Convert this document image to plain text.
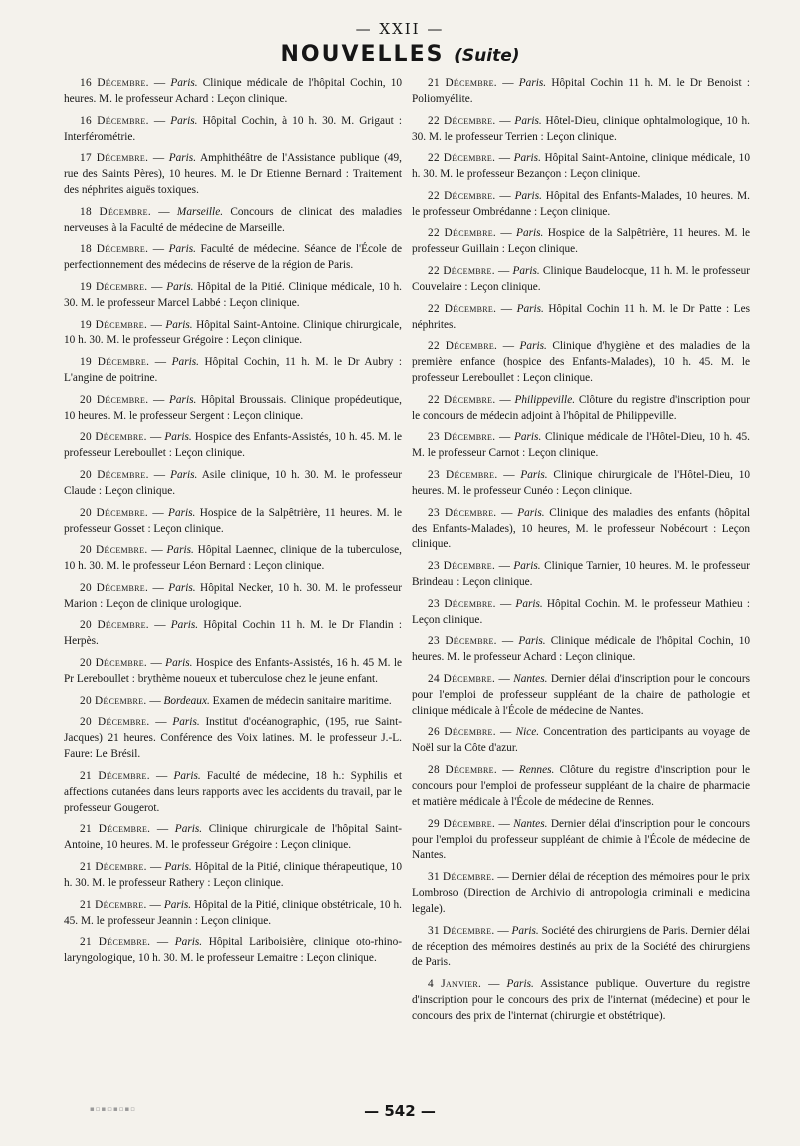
— XXII —
NOUVELLES (Suite)

16 Décembre. — Paris. Clinique médicale de l'hôpital Cochin, 10 heures. M. le professeur Achard : Leçon clinique.

16 Décembre. — Paris. Hôpital Cochin, à 10 h. 30. M. Grigaut : Interférométrie.

17 Décembre. — Paris. Amphithéâtre de l'Assistance publique (49, rue des Saints Pères), 10 heures. M. le Dr Etienne Bernard : Traitement des néphrites aiguës toxiques.

18 Décembre. — Marseille. Concours de clinicat des maladies nerveuses à la Faculté de médecine de Marseille.

18 Décembre. — Paris. Faculté de médecine. Séance de l'École de perfectionnement des médecins de réserve de la région de Paris.

19 Décembre. — Paris. Hôpital de la Pitié. Clinique médicale, 10 h. 30. M. le professeur Marcel Labbé : Leçon clinique.

19 Décembre. — Paris. Hôpital Saint-Antoine. Clinique chirurgicale, 10 h. 30. M. le professeur Grégoire : Leçon clinique.

19 Décembre. — Paris. Hôpital Cochin, 11 h. M. le Dr Aubry : L'angine de poitrine.

20 Décembre. — Paris. Hôpital Broussais. Clinique propédeutique, 10 heures. M. le professeur Sergent : Leçon clinique.

20 Décembre. — Paris. Hospice des Enfants-Assistés, 10 h. 45. M. le professeur Lereboullet : Leçon clinique.

20 Décembre. — Paris. Asile clinique, 10 h. 30. M. le professeur Claude : Leçon clinique.

20 Décembre. — Paris. Hospice de la Salpêtrière, 11 heures. M. le professeur Gosset : Leçon clinique.

20 Décembre. — Paris. Hôpital Laennec, clinique de la tuberculose, 10 h. 30. M. le professeur Léon Bernard : Leçon clinique.

20 Décembre. — Paris. Hôpital Necker, 10 h. 30. M. le professeur Marion : Leçon de clinique urologique.

20 Décembre. — Paris. Hôpital Cochin 11 h. M. le Dr Flandin : Herpès.

20 Décembre. — Paris. Hospice des Enfants-Assistés, 16 h. 45 M. le Pr Lereboullet : brythème noueux et tuberculose chez le jeune enfant.

20 Décembre. — Bordeaux. Examen de médecin sanitaire maritime.

20 Décembre. — Paris. Institut d'océanographic, (195, rue Saint-Jacques) 21 heures. Conférence des Voix latines. M. le professeur J.-L. Faure: Le Brésil.

21 Décembre. — Paris. Faculté de médecine, 18 h.: Syphilis et affections cutanées dans leurs rapports avec les accidents du travail, par le professeur Gougerot.

21 Décembre. — Paris. Clinique chirurgicale de l'hôpital Saint-Antoine, 10 heures. M. le professeur Grégoire : Leçon clinique.

21 Décembre. — Paris. Hôpital de la Pitié, clinique thérapeutique, 10 h. 30. M. le professeur Rathery : Leçon clinique.

21 Décembre. — Paris. Hôpital de la Pitié, clinique obstétricale, 10 h. 45. M. le professeur Jeannin : Leçon clinique.

21 Décembre. — Paris. Hôpital Lariboisière, clinique oto-rhino-laryngologique, 10 h. 30. M. le professeur Lemaitre : Leçon clinique.

21 Décembre. — Paris. Hôpital Cochin 11 h. M. le Dr Benoist : Poliomyélite.

22 Décembre. — Paris. Hôtel-Dieu, clinique ophtalmologique, 10 h. 30. M. le professeur Terrien : Leçon clinique.

22 Décembre. — Paris. Hôpital Saint-Antoine, clinique médicale, 10 h. 30. M. le professeur Bezançon : Leçon clinique.

22 Décembre. — Paris. Hôpital des Enfants-Malades, 10 heures. M. le professeur Ombrédanne : Leçon clinique.

22 Décembre. — Paris. Hospice de la Salpêtrière, 11 heures. M. le professeur Guillain : Leçon clinique.

22 Décembre. — Paris. Clinique Baudelocque, 11 h. M. le professeur Couvelaire : Leçon clinique.

22 Décembre. — Paris. Hôpital Cochin 11 h. M. le Dr Patte : Les néphrites.

22 Décembre. — Paris. Clinique d'hygiène et des maladies de la première enfance (hospice des Enfants-Malades), 10 h. 45. M. le professeur Lereboullet : Leçon clinique.

22 Décembre. — Philippeville. Clôture du registre d'inscription pour le concours de médecin adjoint à l'hôpital de Philippeville.

23 Décembre. — Paris. Clinique médicale de l'Hôtel-Dieu, 10 h. 45. M. le professeur Carnot : Leçon clinique.

23 Décembre. — Paris. Clinique chirurgicale de l'Hôtel-Dieu, 10 heures. M. le professeur Cunéo : Leçon clinique.

23 Décembre. — Paris. Clinique des maladies des enfants (hôpital des Enfants-Malades), 10 heures, M. le professeur Nobécourt : Leçon clinique.

23 Décembre. — Paris. Clinique Tarnier, 10 heures. M. le professeur Brindeau : Leçon clinique.

23 Décembre. — Paris. Hôpital Cochin. M. le professeur Mathieu : Leçon clinique.

23 Décembre. — Paris. Clinique médicale de l'hôpital Cochin, 10 heures. M. le professeur Achard : Leçon clinique.

24 Décembre. — Nantes. Dernier délai d'inscription pour le concours pour l'emploi de professeur suppléant de la chaire de pathologie et clinique médicale à l'École de médecine de Nantes.

26 Décembre. — Nice. Concentration des participants au voyage de Noël sur la Côte d'azur.

28 Décembre. — Rennes. Clôture du registre d'inscription pour le concours pour l'emploi de professeur suppléant de la chaire de pharmacie et matière médicale à l'École de médecine de Rennes.

29 Décembre. — Nantes. Dernier délai d'inscription pour le concours pour l'emploi du professeur suppléant de chimie à l'École de médecine de Nantes.

31 Décembre. — Dernier délai de réception des mémoires pour le prix Lombroso (Direction de Archivio di antropologia criminali e medicina legale).

31 Décembre. — Paris. Société des chirurgiens de Paris. Dernier délai de réception des mémoires destinés au prix de la Société des chirurgiens de Paris.

4 Janvier. — Paris. Assistance publique. Ouverture du registre d'inscription pour le concours des prix de l'internat (médecine) et pour le concours des prix de l'internat (chirurgie et obstétrique).

▪▫▪▫▪▫▪▫	— 542 —
